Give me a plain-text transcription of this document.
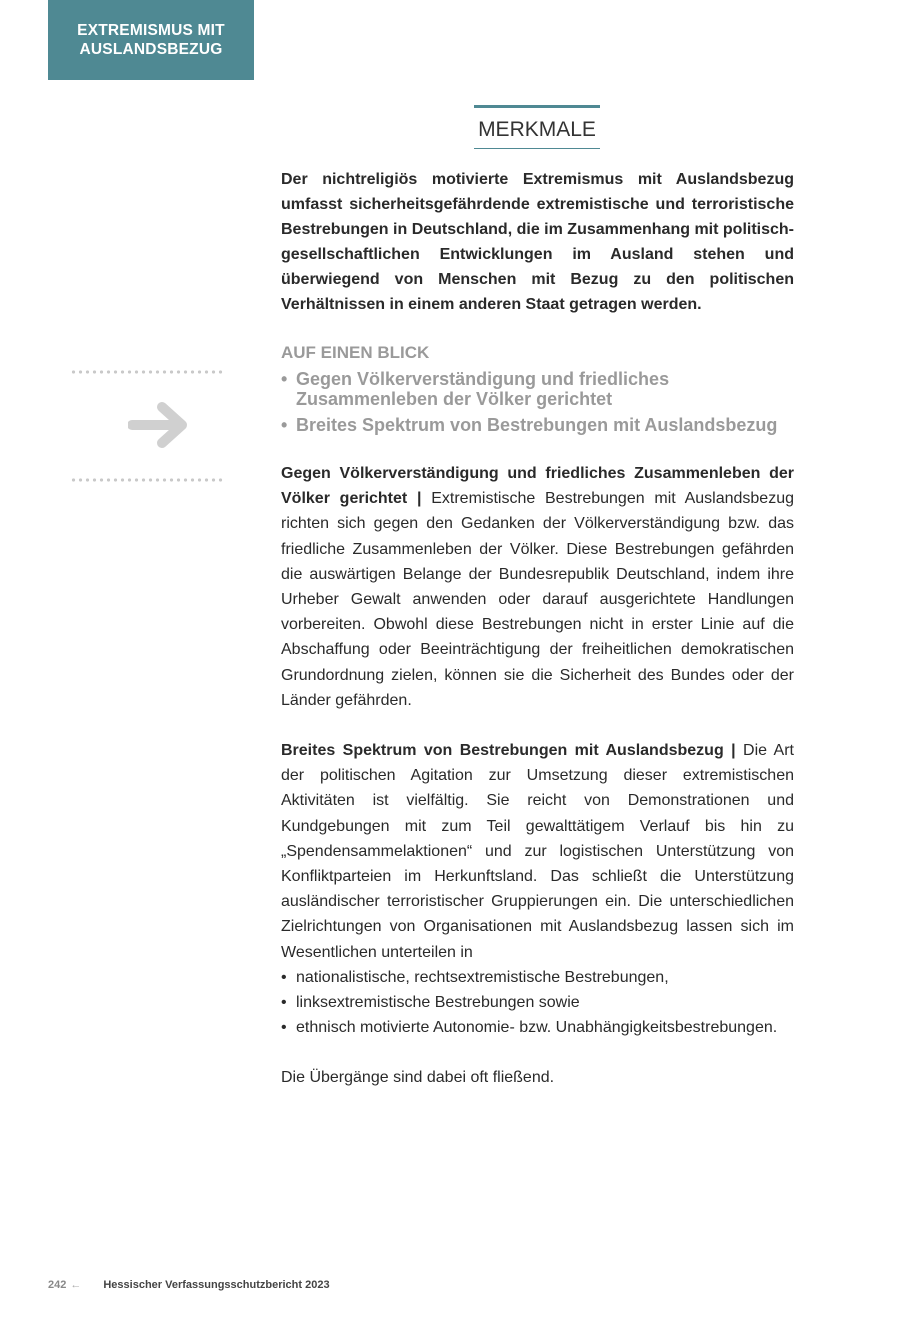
EXTREMISMUS MIT
AUSLANDSBEZUG
MERKMALE

Der nichtreligiös motivierte Extremismus mit Auslandsbezug umfasst sicherheitsgefährdende extremistische und terroristische Bestrebungen in Deutschland, die im Zusammenhang mit politisch-gesellschaftlichen Entwicklungen im Ausland stehen und überwiegend von Menschen mit Bezug zu den politischen Verhältnissen in einem anderen Staat getragen werden.

AUF EINEN BLICK
• Gegen Völkerverständigung und friedliches Zusammenleben der Völker gerichtet
• Breites Spektrum von Bestrebungen mit Auslandsbezug

Gegen Völkerverständigung und friedliches Zusammenleben der Völker gerichtet | Extremistische Bestrebungen mit Auslandsbezug richten sich gegen den Gedanken der Völkerverständigung bzw. das friedliche Zusammenleben der Völker. Diese Bestrebungen gefährden die auswärtigen Belange der Bundesrepublik Deutschland, indem ihre Urheber Gewalt anwenden oder darauf ausgerichtete Handlungen vorbereiten. Obwohl diese Bestrebungen nicht in erster Linie auf die Abschaffung oder Beeinträchtigung der freiheitlichen demokratischen Grundordnung zielen, können sie die Sicherheit des Bundes oder der Länder gefährden.

Breites Spektrum von Bestrebungen mit Auslandsbezug | Die Art der politischen Agitation zur Umsetzung dieser extremistischen Aktivitäten ist vielfältig. Sie reicht von Demonstrationen und Kundgebungen mit zum Teil gewalttätigem Verlauf bis hin zu „Spendensammelaktionen“ und zur logistischen Unterstützung von Konfliktparteien im Herkunftsland. Das schließt die Unterstützung ausländischer terroristischer Gruppierungen ein. Die unterschiedlichen Zielrichtungen von Organisationen mit Auslandsbezug lassen sich im Wesentlichen unterteilen in

• nationalistische, rechtsextremistische Bestrebungen,
• linksextremistische Bestrebungen sowie
• ethnisch motivierte Autonomie- bzw. Unabhängigkeitsbestrebungen.

Die Übergänge sind dabei oft fließend.

242 ← Hessischer Verfassungsschutzbericht 2023
